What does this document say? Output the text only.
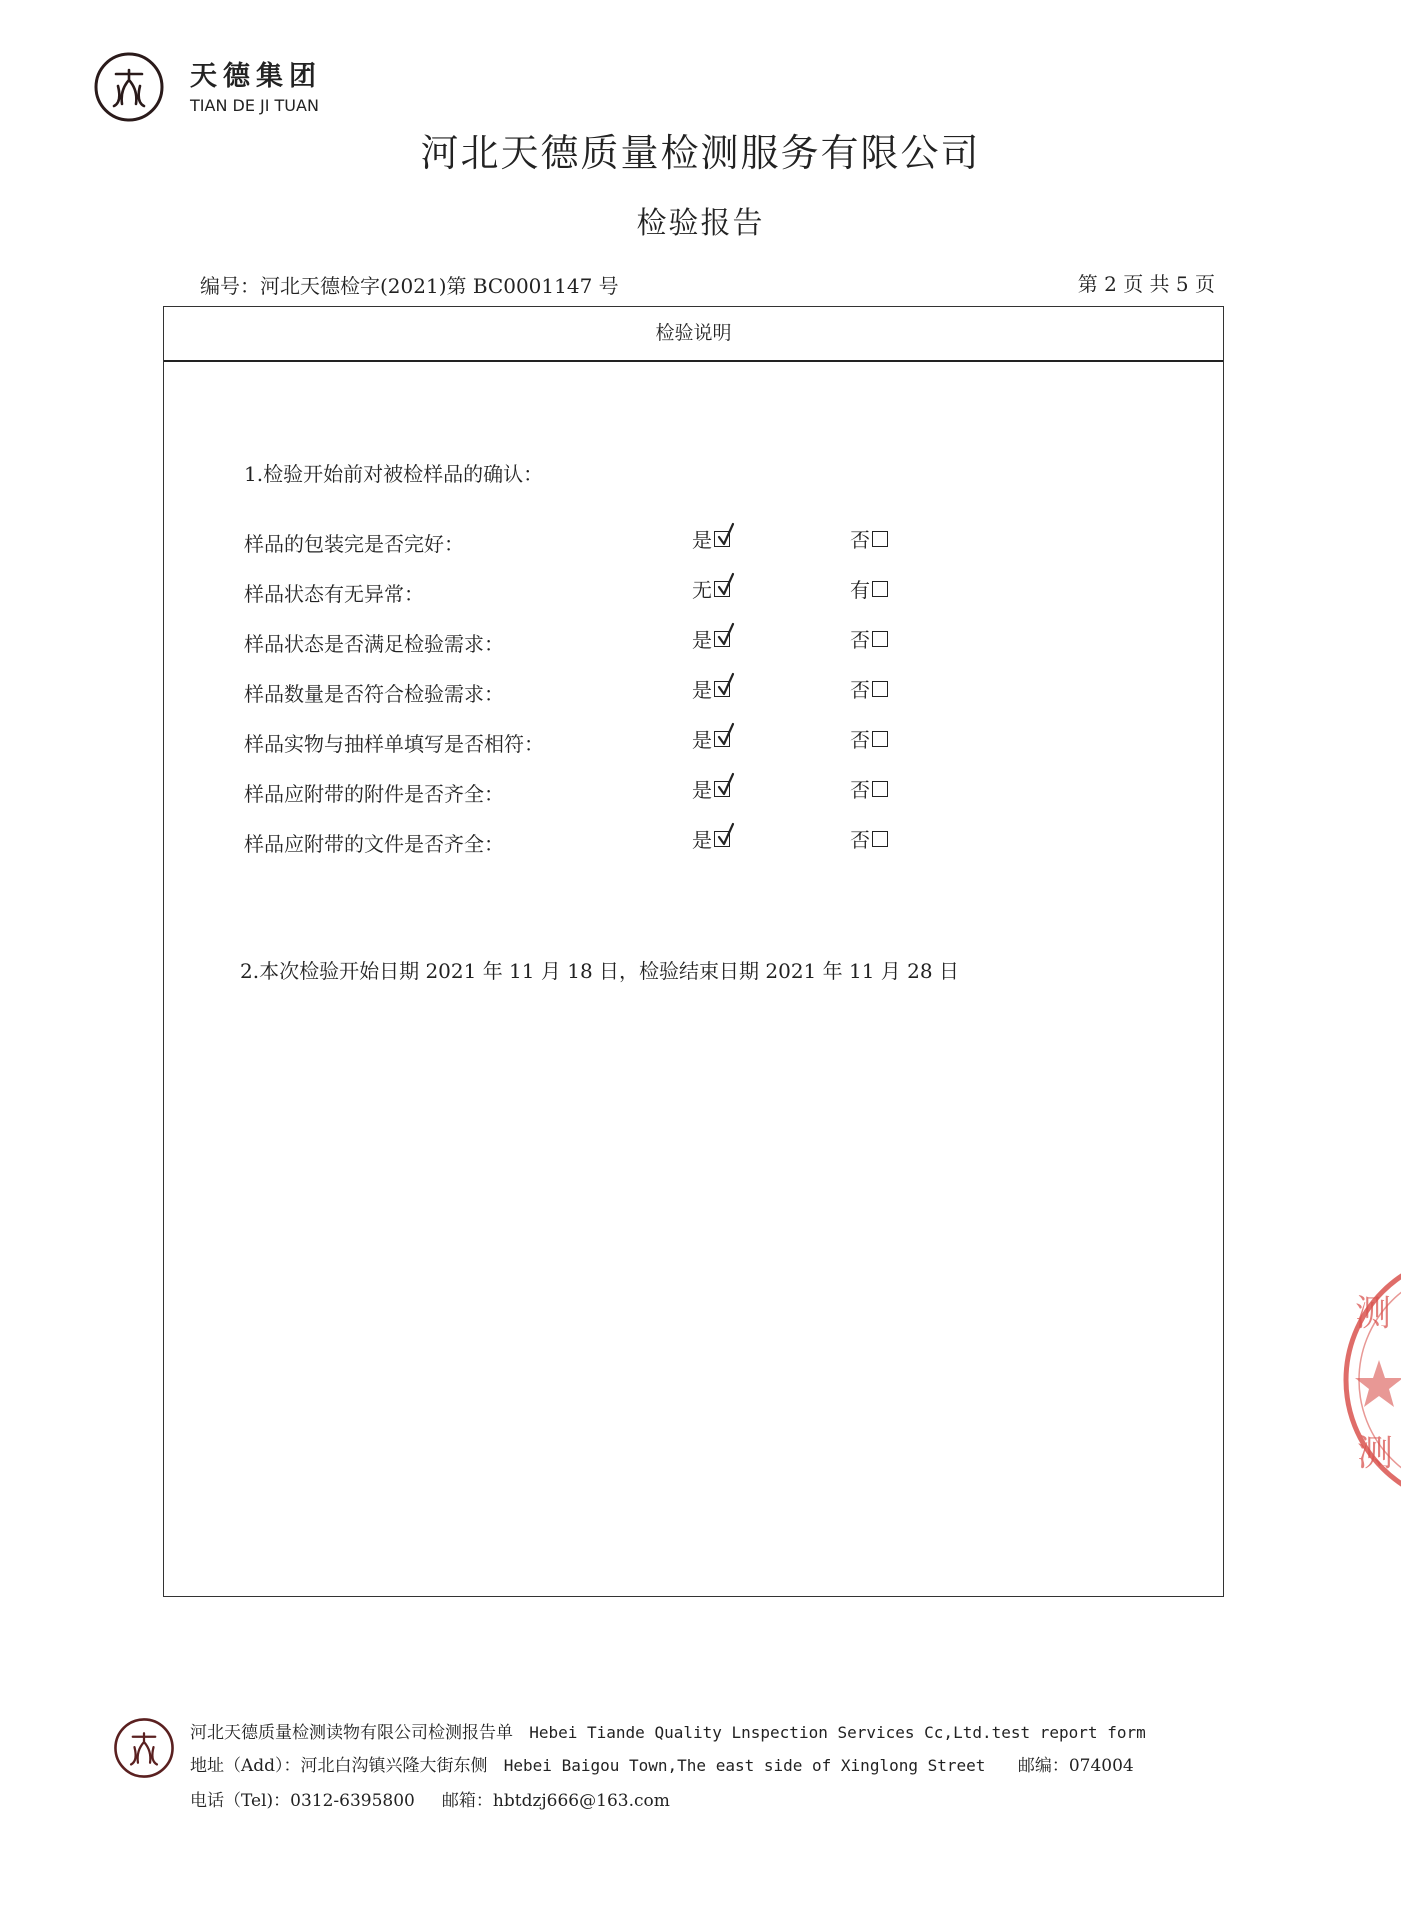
天德集团
TIAN DE JI TUAN
河北天德质量检测服务有限公司
检验报告
编号：河北天德检字(2021)第 BC0001147 号	第 2 页 共 5 页
检验说明
1.检验开始前对被检样品的确认：
样品的包装完是否完好：	是	否
样品状态有无异常：	无	有
样品状态是否满足检验需求：	是	否
样品数量是否符合检验需求：	是	否
样品实物与抽样单填写是否相符：	是	否
样品应附带的附件是否齐全：	是	否
样品应附带的文件是否齐全：	是	否
2.本次检验开始日期 2021 年 11 月 18 日，检验结束日期 2021 年 11 月 28 日
测
测
河北天德质量检测读物有限公司检测报告单 Hebei Tiande Quality Lnspection Services Cc,Ltd.test report form
地址（Add）：河北白沟镇兴隆大街东侧 Hebei Baigou Town,The east side of Xinglong Street 邮编：074004
电话（Tel)：0312-6395800 邮箱：hbtdzj666@163.com
